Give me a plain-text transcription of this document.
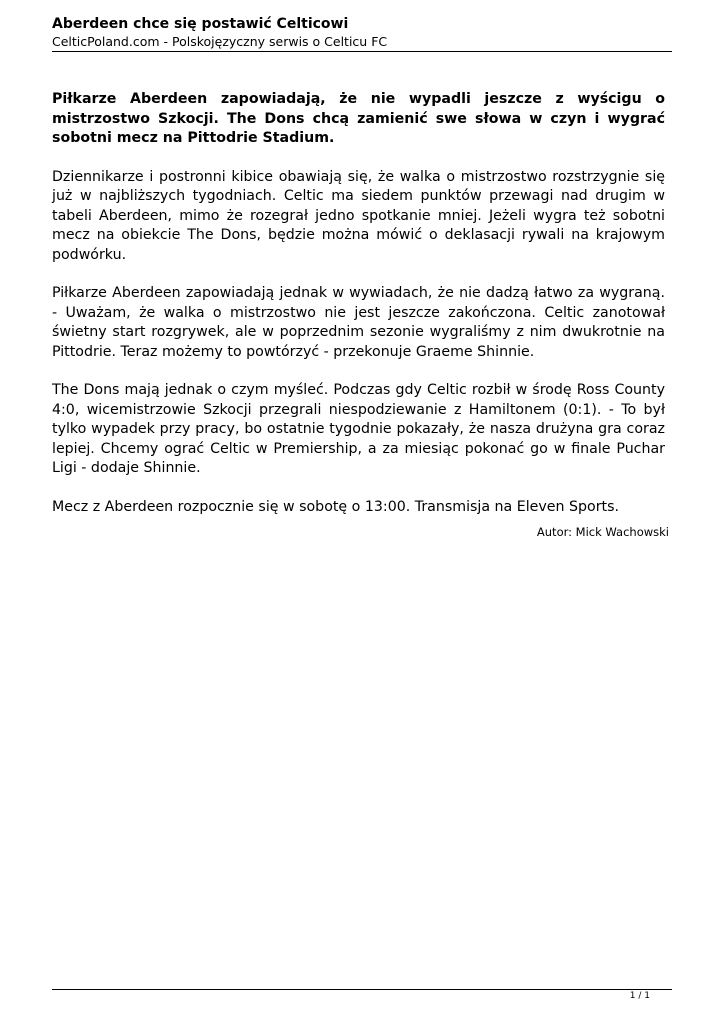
Aberdeen chce się postawić Celticowi
CelticPoland.com - Polskojęzyczny serwis o Celticu FC

Piłkarze Aberdeen zapowiadają, że nie wypadli jeszcze z wyścigu o mistrzostwo Szkocji. The Dons chcą zamienić swe słowa w czyn i wygrać sobotni mecz na Pittodrie Stadium.

Dziennikarze i postronni kibice obawiają się, że walka o mistrzostwo rozstrzygnie się już w najbliższych tygodniach. Celtic ma siedem punktów przewagi nad drugim w tabeli Aberdeen, mimo że rozegrał jedno spotkanie mniej. Jeżeli wygra też sobotni mecz na obiekcie The Dons, będzie można mówić o deklasacji rywali na krajowym podwórku.

Piłkarze Aberdeen zapowiadają jednak w wywiadach, że nie dadzą łatwo za wygraną. - Uważam, że walka o mistrzostwo nie jest jeszcze zakończona. Celtic zanotował świetny start rozgrywek, ale w poprzednim sezonie wygraliśmy z nim dwukrotnie na Pittodrie. Teraz możemy to powtórzyć - przekonuje Graeme Shinnie.

The Dons mają jednak o czym myśleć. Podczas gdy Celtic rozbił w środę Ross County 4:0, wicemistrzowie Szkocji przegrali niespodziewanie z Hamiltonem (0:1). - To był tylko wypadek przy pracy, bo ostatnie tygodnie pokazały, że nasza drużyna gra coraz lepiej. Chcemy ograć Celtic w Premiership, a za miesiąc pokonać go w finale Puchar Ligi - dodaje Shinnie.

Mecz z Aberdeen rozpocznie się w sobotę o 13:00. Transmisja na Eleven Sports.

Autor: Mick Wachowski
1 / 1
